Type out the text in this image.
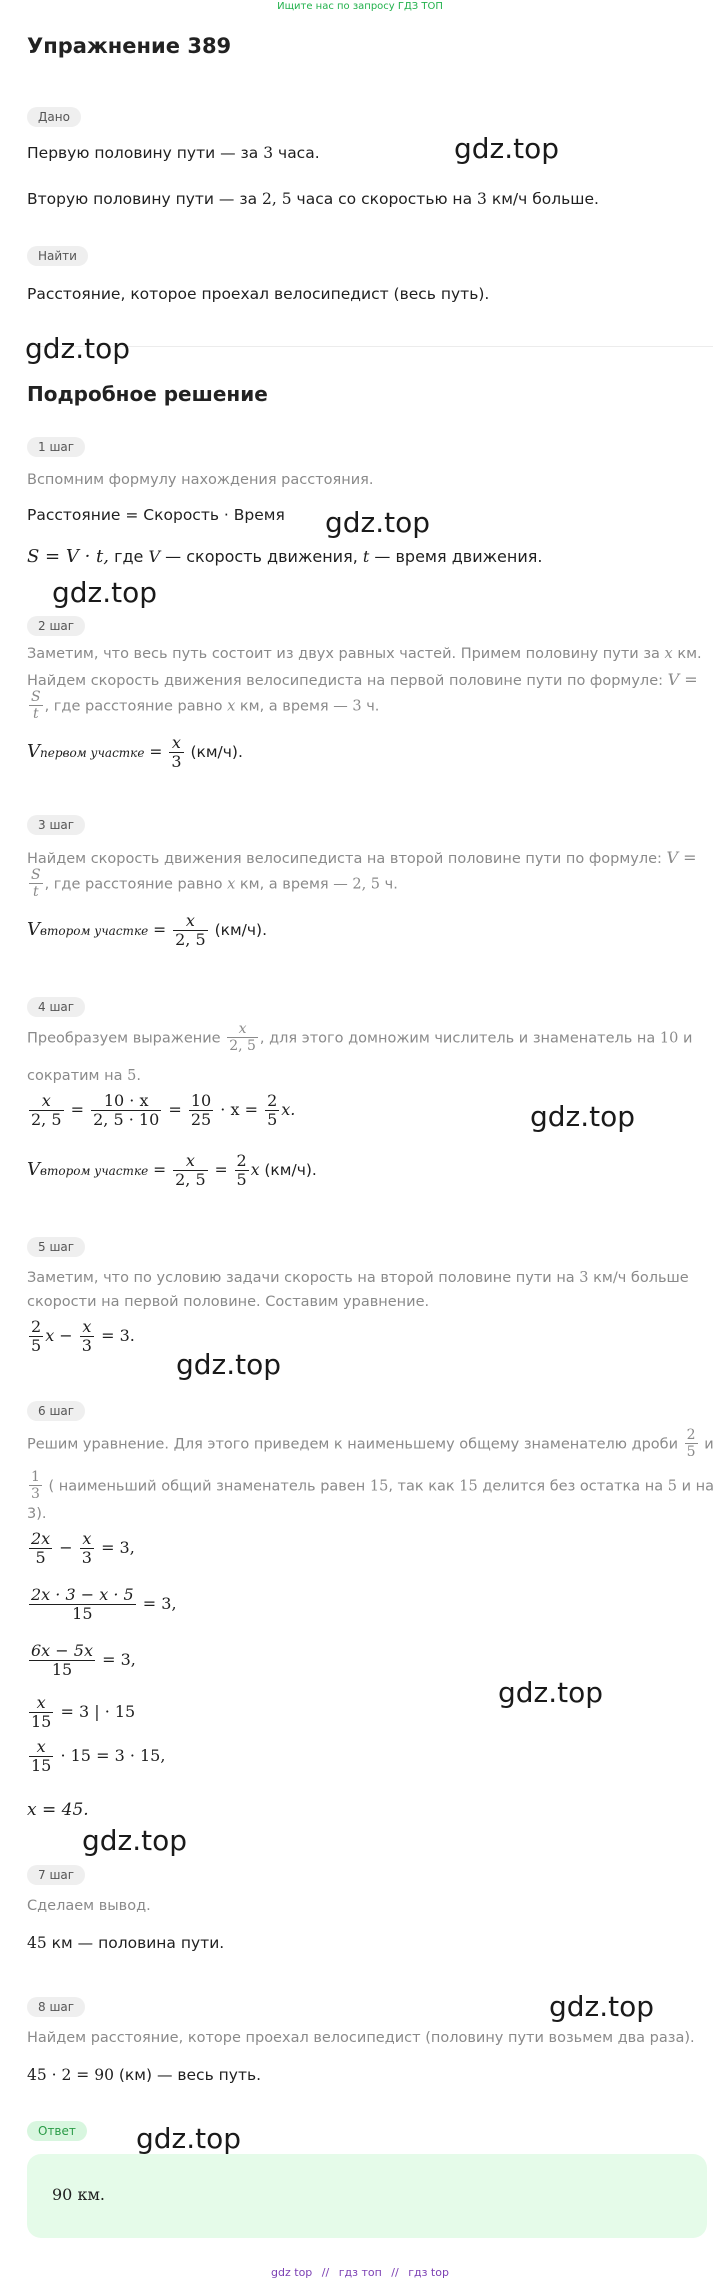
Ищите нас по запросу ГДЗ ТОП
Упражнение 389
Дано
Первую половину пути — за 3 часа.
Вторую половину пути — за 2, 5 часа со скоростью на 3 км/ч больше.
Найти
Расстояние, которое проехал велосипедист (весь путь).
Подробное решение
1 шаг
Вспомним формулу нахождения расстояния.
Расстояние = Скорость · Время
S = V · t, где V — скорость движения, t — время движения.
2 шаг
Заметим, что весь путь состоит из двух равных частей. Примем половину пути за x км.
Найдем скорость движения велосипедиста на первой половине пути по формуле: V =
$\frac{S}{t}$ , где расстояние равно x км, а время — 3 ч.
Vпервом участке = $\frac{x}{3} (км/ч)$.
3 шаг
Найдем скорость движения велосипедиста на второй половине пути по формуле: V =
$\frac{S}{t}$ , где расстояние равно x км, а время — 2, 5 ч.
Vвтором участке = $\frac{x}{2, 5} (км/ч)$.
4 шаг
Преобразуем выражение $\frac{x}{2, 5}$ , для этого домножим числитель и знаменатель на 10 и
сократим на 5.
$\frac{x}{2, 5} = \frac{10 \cdot x}{2, 5 \cdot 10} = \frac{10}{25} \cdot x = \frac{2}{5} x$.
Vвтором участке = $\frac{x}{2, 5} = \frac{2}{5}$ x (км/ч).
5 шаг
Заметим, что по условию задачи скорость на второй половине пути на 3 км/ч больше
скорости на первой половине. Составим уравнение.
$\frac{2}{5}$ $x - \frac{x}{3} = 3$.
6 шаг
Решим уравнение. Для этого приведем к наименьшему общему знаменателю дроби $\frac{2}{5}$ и
$\frac{1}{3}$ ( наименьший общий знаменатель равен 15, так как 15 делится без остатка на 5 и на
3).
$\frac{2x}{5} - \frac{x}{3} = 3$,
$\frac{2x \cdot 3 - x \cdot 5}{15} = 3$,
$\frac{6x - 5x}{15} = 3$,
$\frac{x}{15} = 3$ | · 15
$\frac{x}{15} \cdot 15 = 3 \cdot 15$,
x = 45.
7 шаг
Сделаем вывод.
45 км — половина пути.
8 шаг
Найдем расстояние, которе проехал велосипедист (половину пути возьмем два раза).
45 · 2 = 90 (км) — весь путь.
Ответ
90 км.
gdz.top
gdz.top
gdz.top
gdz.top
gdz.top
gdz.top
gdz.top
gdz.top
gdz.top
gdz.top
gdz top // гдз топ // гдз top
